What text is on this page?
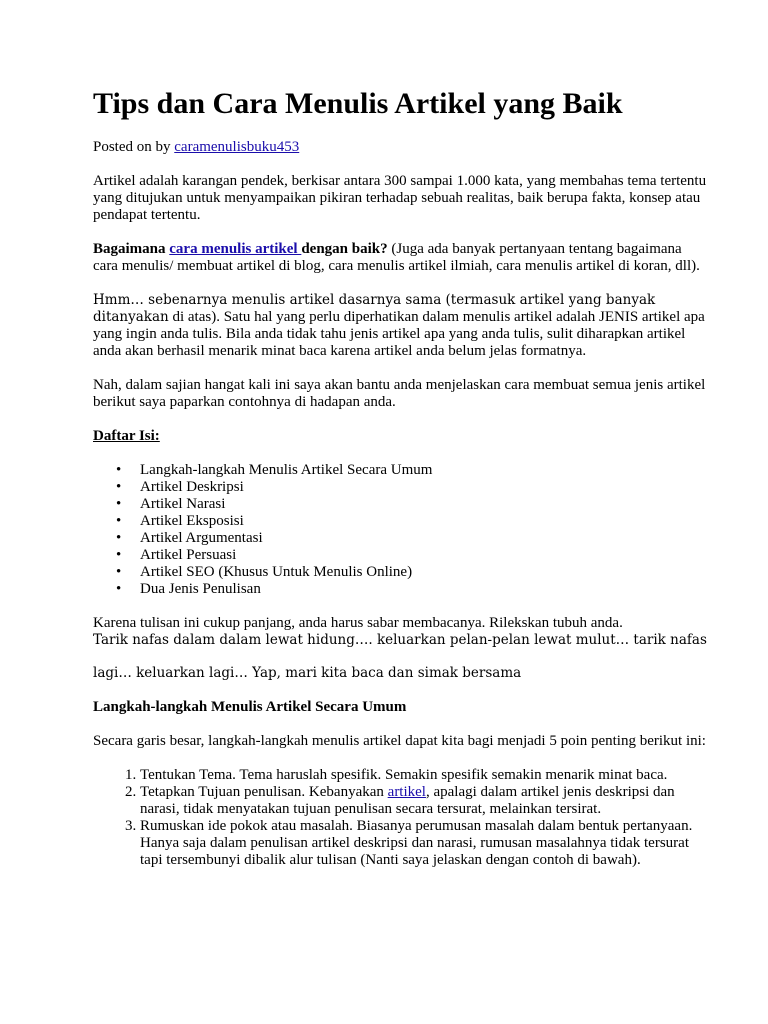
Tips dan Cara Menulis Artikel yang Baik

Posted on by caramenulisbuku453

Artikel adalah karangan pendek, berkisar antara 300 sampai 1.000 kata, yang membahas tema tertentu yang ditujukan untuk menyampaikan pikiran terhadap sebuah realitas, baik berupa fakta, konsep atau pendapat tertentu.

Bagaimana cara menulis artikel dengan baik? (Juga ada banyak pertanyaan tentang bagaimana cara menulis/ membuat artikel di blog, cara menulis artikel ilmiah, cara menulis artikel di koran, dll).

Hmm… sebenarnya menulis artikel dasarnya sama (termasuk artikel yang banyak ditanyakan di atas). Satu hal yang perlu diperhatikan dalam menulis artikel adalah JENIS artikel apa yang ingin anda tulis. Bila anda tidak tahu jenis artikel apa yang anda tulis, sulit diharapkan artikel anda akan berhasil menarik minat baca karena artikel anda belum jelas formatnya.

Nah, dalam sajian hangat kali ini saya akan bantu anda menjelaskan cara membuat semua jenis artikel berikut saya paparkan contohnya di hadapan anda.

Daftar Isi:

• Langkah-langkah Menulis Artikel Secara Umum
• Artikel Deskripsi
• Artikel Narasi
• Artikel Eksposisi
• Artikel Argumentasi
• Artikel Persuasi
• Artikel SEO (Khusus Untuk Menulis Online)
• Dua Jenis Penulisan
Karena tulisan ini cukup panjang, anda harus sabar membacanya. Rilekskan tubuh anda.
Tarik nafas dalam dalam lewat hidung…. keluarkan pelan-pelan lewat mulut… tarik nafas
lagi… keluarkan lagi… Yap, mari kita baca dan simak bersama

Langkah-langkah Menulis Artikel Secara Umum

Secara garis besar, langkah-langkah menulis artikel dapat kita bagi menjadi 5 poin penting berikut ini:

1. Tentukan Tema. Tema haruslah spesifik. Semakin spesifik semakin menarik minat baca.
2. Tetapkan Tujuan penulisan. Kebanyakan artikel, apalagi dalam artikel jenis deskripsi dan narasi, tidak menyatakan tujuan penulisan secara tersurat, melainkan tersirat.
3. Rumuskan ide pokok atau masalah. Biasanya perumusan masalah dalam bentuk pertanyaan. Hanya saja dalam penulisan artikel deskripsi dan narasi, rumusan masalahnya tidak tersurat tapi tersembunyi dibalik alur tulisan (Nanti saya jelaskan dengan contoh di bawah).
